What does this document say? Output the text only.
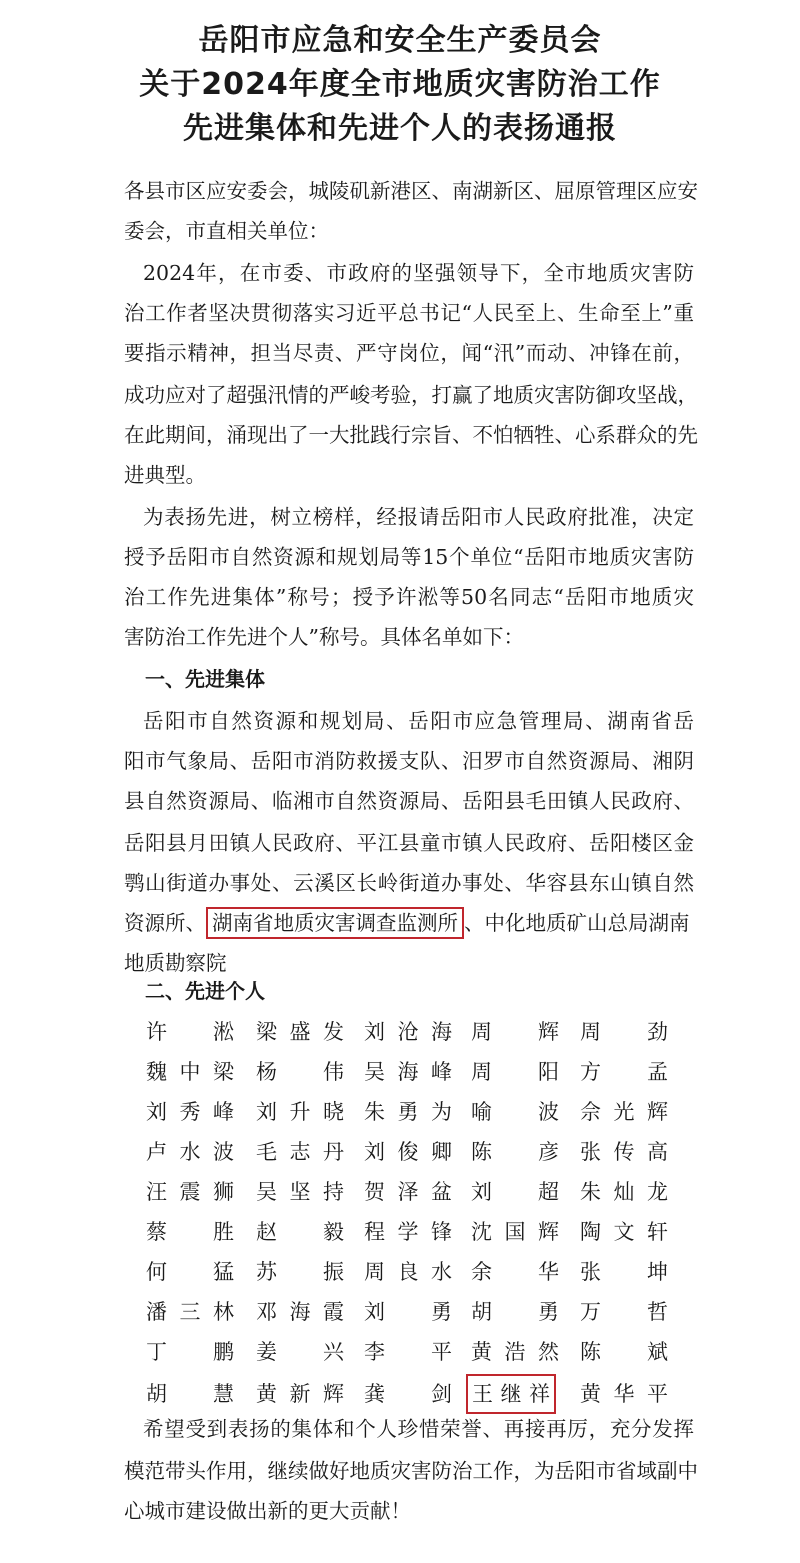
岳阳市应急和安全生产委员会
关于2024年度全市地质灾害防治工作
先进集体和先进个人的表扬通报
各县市区应安委会，城陵矶新港区、南湖新区、屈原管理区应安
委会，市直相关单位：
2024年，在市委、市政府的坚强领导下，全市地质灾害防
治工作者坚决贯彻落实习近平总书记“人民至上、生命至上”重
要指示精神，担当尽责、严守岗位，闻“汛”而动、冲锋在前，
成功应对了超强汛情的严峻考验，打赢了地质灾害防御攻坚战，
在此期间，涌现出了一大批践行宗旨、不怕牺牲、心系群众的先
进典型。
为表扬先进，树立榜样，经报请岳阳市人民政府批准，决定
授予岳阳市自然资源和规划局等15个单位“岳阳市地质灾害防
治工作先进集体”称号；授予许淞等50名同志“岳阳市地质灾
害防治工作先进个人”称号。具体名单如下：
一、先进集体
岳阳市自然资源和规划局、岳阳市应急管理局、湖南省岳
阳市气象局、岳阳市消防救援支队、汨罗市自然资源局、湘阴
县自然资源局、临湘市自然资源局、岳阳县毛田镇人民政府、
岳阳县月田镇人民政府、平江县童市镇人民政府、岳阳楼区金
鹗山街道办事处、云溪区长岭街道办事处、华容县东山镇自然
资源所、 湖南省地质灾害调查监测所 、中化地质矿山总局湖南
地质勘察院
二、先进个人
许　淞 梁盛发 刘沧海 周　辉 周　劲
魏中梁 杨　伟 吴海峰 周　阳 方　孟
刘秀峰 刘升晓 朱勇为 喻　波 佘光辉
卢水波 毛志丹 刘俊卿 陈　彦 张传高
汪震狮 吴坚持 贺泽盆 刘　超 朱灿龙
蔡　胜 赵　毅 程学锋 沈国辉 陶文轩
何　猛 苏　振 周良水 余　华 张　坤
潘三林 邓海霞 刘　勇 胡　勇 万　哲
丁　鹏 姜　兴 李　平 黄浩然 陈　斌
胡　慧 黄新辉 龚　剑 王继祥 黄华平
希望受到表扬的集体和个人珍惜荣誉、再接再厉，充分发挥
模范带头作用，继续做好地质灾害防治工作，为岳阳市省域副中
心城市建设做出新的更大贡献！
